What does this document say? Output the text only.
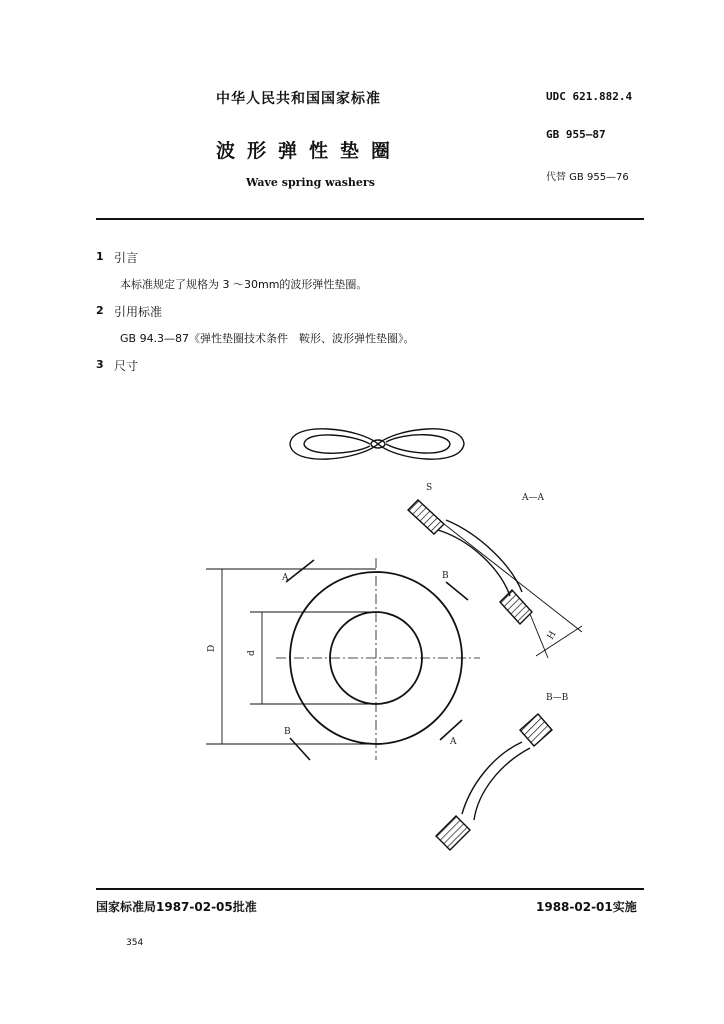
中华人民共和国国家标准	UDC 621.882.4
波形弹性垫圈
GB 955—87
Wave spring washers	代替 GB 955—76
1 引言
本标准规定了规格为 3 ～30mm的波形弹性垫圈。
2 引用标准
GB 94.3—87《弹性垫圈技术条件　鞍形、波形弹性垫圈》。
3 尺寸
D
d
A
A
B
B
A—A
H
S
B—B
国家标准局1987-02-05批准	1988-02-01实施
354
